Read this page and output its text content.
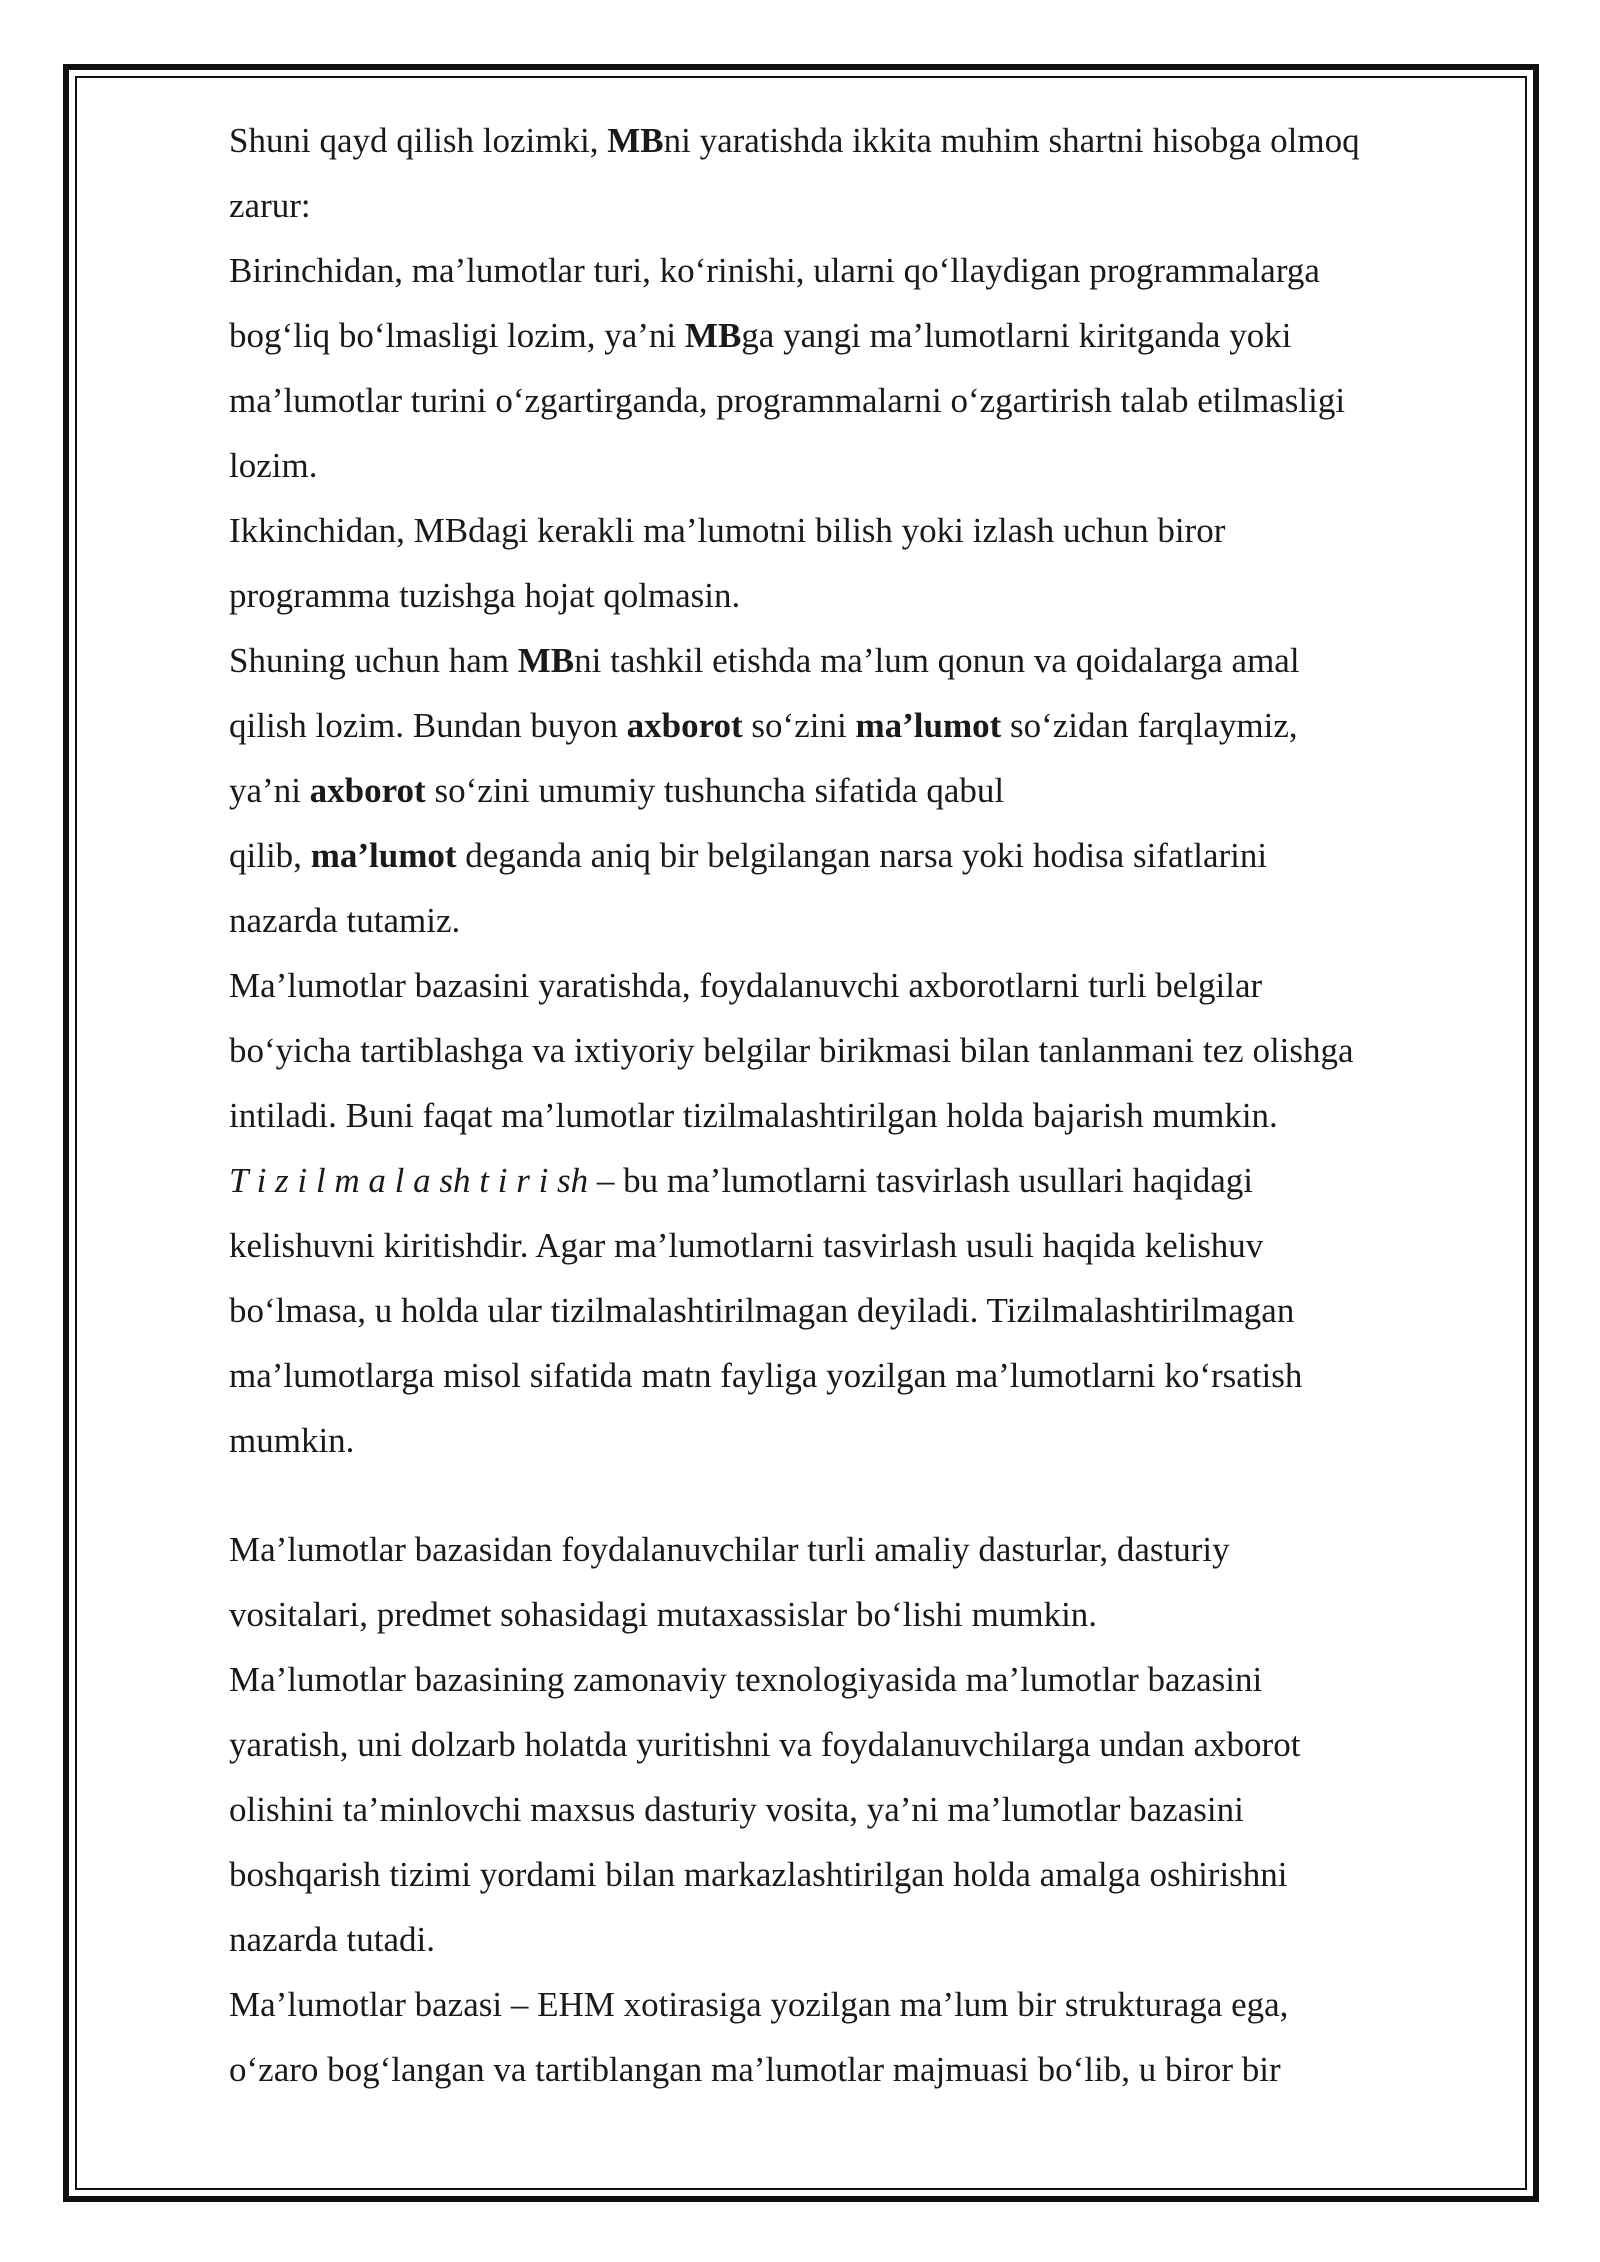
Shuni qayd qilish lozimki, MBni yaratishda ikkita muhim shartni hisobga olmoq

zarur:

Birinchidan, ma’lumotlar turi, ko‘rinishi, ularni qo‘llaydigan programmalarga

bog‘liq bo‘lmasligi lozim, ya’ni MBga yangi ma’lumotlarni kiritganda yoki

ma’lumotlar turini o‘zgartirganda, programmalarni o‘zgartirish talab etilmasligi

lozim.

Ikkinchidan, MBdagi kerakli ma’lumotni bilish yoki izlash uchun biror

programma tuzishga hojat qolmasin.

Shuning uchun ham MBni tashkil etishda ma’lum qonun va qoidalarga amal

qilish lozim. Bundan buyon axborot so‘zini ma’lumot so‘zidan farqlaymiz,

ya’ni axborot so‘zini umumiy tushuncha sifatida qabul

qilib, ma’lumot deganda aniq bir belgilangan narsa yoki hodisa sifatlarini

nazarda tutamiz.

Ma’lumotlar bazasini yaratishda, foydalanuvchi axborotlarni turli belgilar

bo‘yicha tartiblashga va ixtiyoriy belgilar birikmasi bilan tanlanmani tez olishga

intiladi. Buni faqat ma’lumotlar tizilmalashtirilgan holda bajarish mumkin.

T i z i l m a l a sh t i r i sh – bu ma’lumotlarni tasvirlash usullari haqidagi

kelishuvni kiritishdir. Agar ma’lumotlarni tasvirlash usuli haqida kelishuv

bo‘lmasa, u holda ular tizilmalashtirilmagan deyiladi. Tizilmalashtirilmagan

ma’lumotlarga misol sifatida matn fayliga yozilgan ma’lumotlarni ko‘rsatish

mumkin.

Ma’lumotlar bazasidan foydalanuvchilar turli amaliy dasturlar, dasturiy

vositalari, predmet sohasidagi mutaxassislar bo‘lishi mumkin.

Ma’lumotlar bazasining zamonaviy texnologiyasida ma’lumotlar bazasini

yaratish, uni dolzarb holatda yuritishni va foydalanuvchilarga undan axborot

olishini ta’minlovchi maxsus dasturiy vosita, ya’ni ma’lumotlar bazasini

boshqarish tizimi yordami bilan markazlashtirilgan holda amalga oshirishni

nazarda tutadi.

Ma’lumotlar bazasi – EHM xotirasiga yozilgan ma’lum bir strukturaga ega,

o‘zaro bog‘langan va tartiblangan ma’lumotlar majmuasi bo‘lib, u biror bir
